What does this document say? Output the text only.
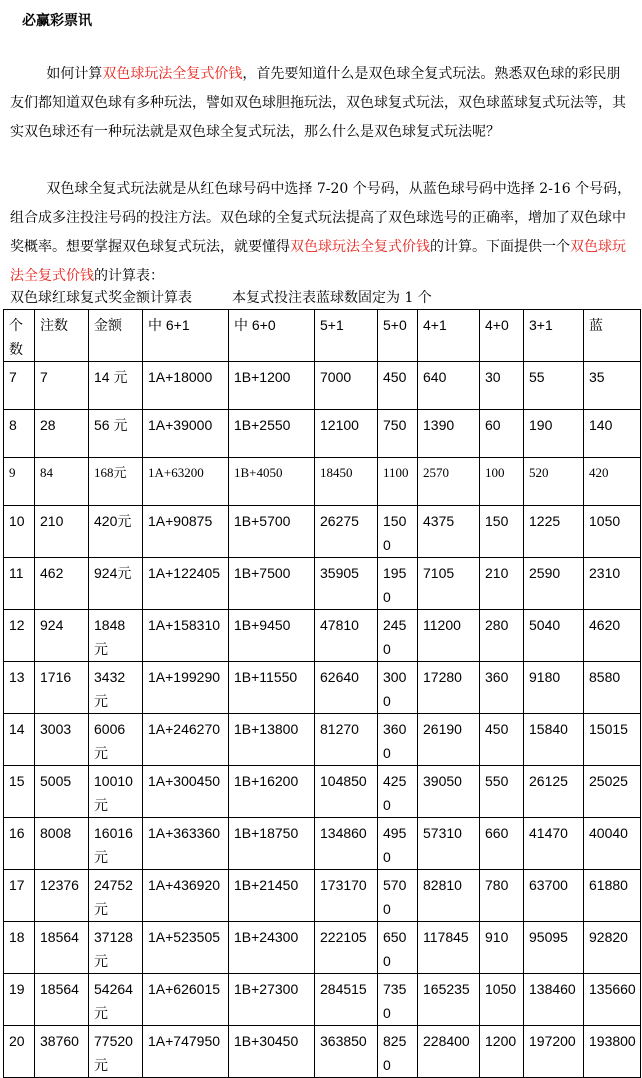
必赢彩票讯

如何计算双色球玩法全复式价钱，首先要知道什么是双色球全复式玩法。熟悉双色球的彩民朋友们都知道双色球有多种玩法，譬如双色球胆拖玩法，双色球复式玩法，双色球蓝球复式玩法等，其实双色球还有一种玩法就是双色球全复式玩法，那么什么是双色球复式玩法呢？

双色球全复式玩法就是从红色球号码中选择 7-20 个号码，从蓝色球号码中选择 2-16 个号码，组合成多注投注号码的投注方法。双色球的全复式玩法提高了双色球选号的正确率，增加了双色球中奖概率。想要掌握双色球复式玩法，就要懂得双色球玩法全复式价钱的计算。下面提供一个双色球玩法全复式价钱的计算表：

双色球红球复式奖金额计算表	本复式投注表蓝球数固定为 1 个
个数	注数	金额	中 6+1	中 6+0	5+1	5+0	4+1	4+0	3+1	蓝
7	7	14 元	1A+18000	1B+1200	7000	450	640	30	55	35
8	28	56 元	1A+39000	1B+2550	12100	750	1390	60	190	140
9	84	168元	1A+63200	1B+4050	18450	1100	2570	100	520	420
10	210	420元	1A+90875	1B+5700	26275	1500	4375	150	1225	1050
11	462	924元	1A+122405	1B+7500	35905	1950	7105	210	2590	2310
12	924	1848元	1A+158310	1B+9450	47810	2450	11200	280	5040	4620
13	1716	3432元	1A+199290	1B+11550	62640	3000	17280	360	9180	8580
14	3003	6006元	1A+246270	1B+13800	81270	3600	26190	450	15840	15015
15	5005	10010 元	1A+300450	1B+16200	104850	4250	39050	550	26125	25025
16	8008	16016 元	1A+363360	1B+18750	134860	4950	57310	660	41470	40040
17	12376	24752 元	1A+436920	1B+21450	173170	5700	82810	780	63700	61880
18	18564	37128 元	1A+523505	1B+24300	222105	6500	117845	910	95095	92820
19	18564	54264 元	1A+626015	1B+27300	284515	7350	165235	1050	138460	135660
20	38760	77520 元	1A+747950	1B+30450	363850	8250	228400	1200	197200	193800
